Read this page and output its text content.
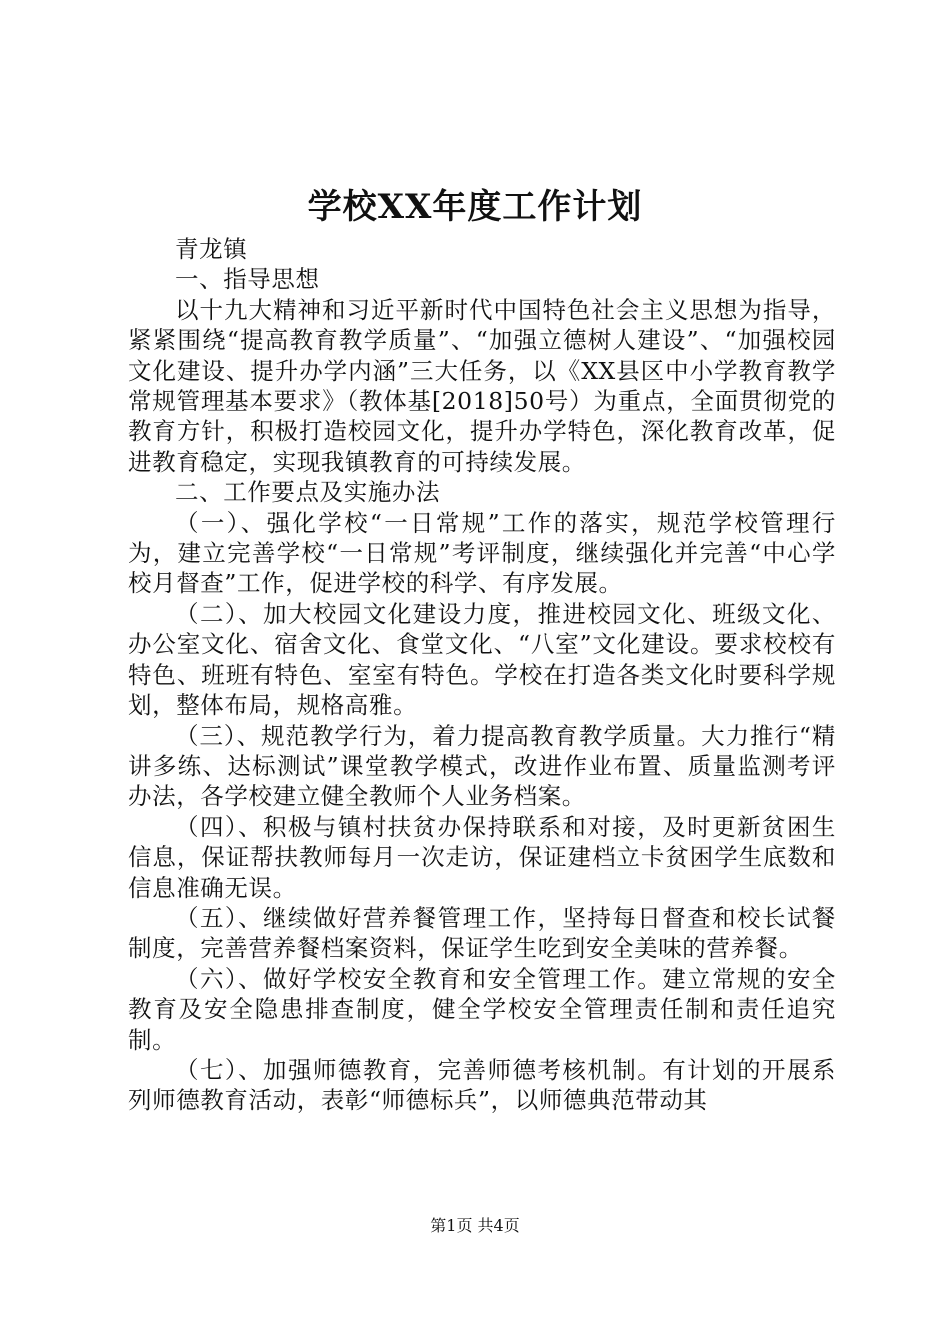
学校XX年度工作计划

青龙镇

一、指导思想

以十九大精神和习近平新时代中国特色社会主义思想为指导，紧紧围绕“提高教育教学质量”、“加强立德树人建设”、“加强校园文化建设、提升办学内涵”三大任务，以《XX县区中小学教育教学常规管理基本要求》（教体基[2018]50号）为重点，全面贯彻党的教育方针，积极打造校园文化，提升办学特色，深化教育改革，促进教育稳定，实现我镇教育的可持续发展。

二、工作要点及实施办法

（一）、强化学校“一日常规”工作的落实，规范学校管理行为，建立完善学校“一日常规”考评制度，继续强化并完善“中心学校月督查”工作，促进学校的科学、有序发展。

（二）、加大校园文化建设力度，推进校园文化、班级文化、办公室文化、宿舍文化、食堂文化、“八室”文化建设。要求校校有特色、班班有特色、室室有特色。学校在打造各类文化时要科学规划，整体布局，规格高雅。

（三）、规范教学行为，着力提高教育教学质量。大力推行“精讲多练、达标测试”课堂教学模式，改进作业布置、质量监测考评办法，各学校建立健全教师个人业务档案。

（四）、积极与镇村扶贫办保持联系和对接，及时更新贫困生信息，保证帮扶教师每月一次走访，保证建档立卡贫困学生底数和信息准确无误。

（五）、继续做好营养餐管理工作，坚持每日督查和校长试餐制度，完善营养餐档案资料，保证学生吃到安全美味的营养餐。

（六）、做好学校安全教育和安全管理工作。建立常规的安全教育及安全隐患排查制度，健全学校安全管理责任制和责任追究制。

（七）、加强师德教育，完善师德考核机制。有计划的开展系列师德教育活动，表彰“师德标兵”，以师德典范带动其

第1页 共4页
